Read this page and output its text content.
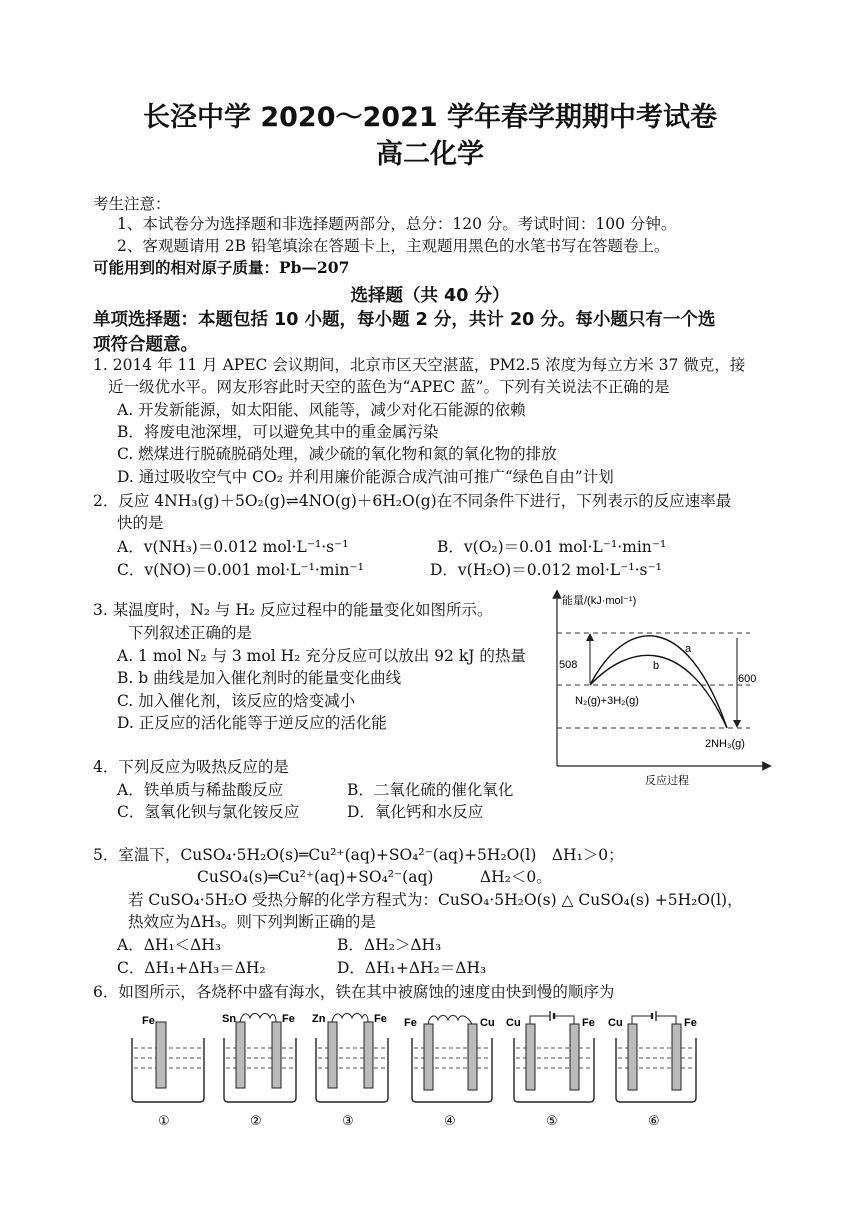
长泾中学 2020～2021 学年春学期期中考试卷
高二化学
考生注意：
1、本试卷分为选择题和非选择题两部分，总分：120 分。考试时间：100 分钟。
2、客观题请用 2B 铅笔填涂在答题卡上，主观题用黑色的水笔书写在答题卷上。
可能用到的相对原子质量：Pb—207
选择题（共 40 分）
单项选择题：本题包括 10 小题，每小题 2 分，共计 20 分。每小题只有一个选
项符合题意。
1. 2014 年 11 月 APEC 会议期间，北京市区天空湛蓝，PM2.5 浓度为每立方米 37 微克，接
近一级优水平。网友形容此时天空的蓝色为“APEC 蓝”。下列有关说法不正确的是
A. 开发新能源，如太阳能、风能等，减少对化石能源的依赖
B．将废电池深埋，可以避免其中的重金属污染
C. 燃煤进行脱硫脱硝处理，减少硫的氧化物和氮的氧化物的排放
D. 通过吸收空气中 CO₂ 并利用廉价能源合成汽油可推广“绿色自由”计划
2．反应 4NH₃(g)＋5O₂(g)⇌4NO(g)＋6H₂O(g)在不同条件下进行，下列表示的反应速率最
快的是
A．v(NH₃)＝0.012 mol·L⁻¹·s⁻¹	B．v(O₂)＝0.01 mol·L⁻¹·min⁻¹
C．v(NO)＝0.001 mol·L⁻¹·min⁻¹	D．v(H₂O)＝0.012 mol·L⁻¹·s⁻¹
3. 某温度时，N₂ 与 H₂ 反应过程中的能量变化如图所示。
下列叙述正确的是
A. 1 mol N₂ 与 3 mol H₂ 充分反应可以放出 92 kJ 的热量
B. b 曲线是加入催化剂时的能量变化曲线
C. 加入催化剂，该反应的焓变减小
D. 正反应的活化能等于逆反应的活化能
能量/(kJ·mol⁻¹)
反应过程
508
600
a
b
N₂(g)+3H₂(g)
2NH₃(g)
4．下列反应为吸热反应的是
A．铁单质与稀盐酸反应	B．二氧化硫的催化氧化
C．氢氧化钡与氯化铵反应	D．氧化钙和水反应
5．室温下，CuSO₄·5H₂O(s)═Cu²⁺(aq)+SO₄²⁻(aq)+5H₂O(l)　ΔH₁＞0；
CuSO₄(s)═Cu²⁺(aq)+SO₄²⁻(aq)　　　ΔH₂＜0。
若 CuSO₄·5H₂O 受热分解的化学方程式为：CuSO₄·5H₂O(s) △ CuSO₄(s) +5H₂O(l)，
热效应为ΔH₃。则下列判断正确的是
A．ΔH₁＜ΔH₃	B．ΔH₂＞ΔH₃
C．ΔH₁+ΔH₃＝ΔH₂	D．ΔH₁+ΔH₂＝ΔH₃
6．如图所示，各烧杯中盛有海水，铁在其中被腐蚀的速度由快到慢的顺序为
Fe
①
Sn	Fe
②
Zn	Fe
③
Fe	Cu
④
Cu	Fe
⑤
Cu	Fe
⑥
